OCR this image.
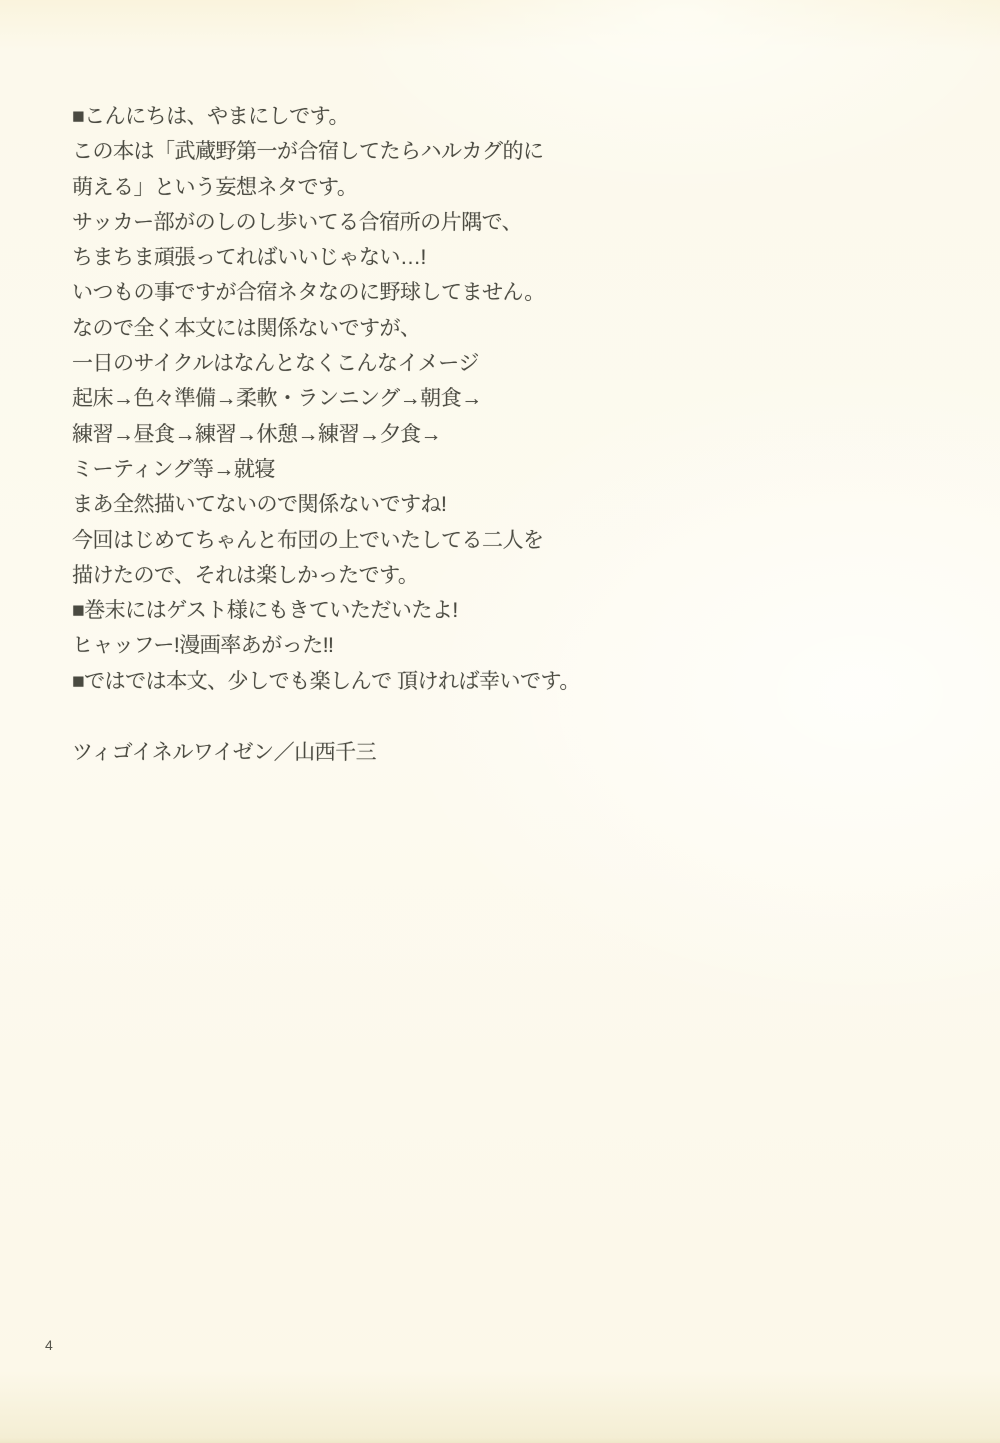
■こんにちは、やまにしです。
この本は「武蔵野第一が合宿してたらハルカグ的に
萌える」という妄想ネタです。
サッカー部がのしのし歩いてる合宿所の片隅で、
ちまちま頑張ってればいいじゃない…!
いつもの事ですが合宿ネタなのに野球してません。
なので全く本文には関係ないですが、
一日のサイクルはなんとなくこんなイメージ
起床→色々準備→柔軟・ランニング→朝食→
練習→昼食→練習→休憩→練習→夕食→
ミーティング等→就寝
まあ全然描いてないので関係ないですね!
今回はじめてちゃんと布団の上でいたしてる二人を
描けたので、それは楽しかったです。
■巻末にはゲスト様にもきていただいたよ!
ヒャッフー!漫画率あがった!!
■ではでは本文、少しでも楽しんで 頂ければ幸いです。
ツィゴイネルワイゼン／山西千三
4
